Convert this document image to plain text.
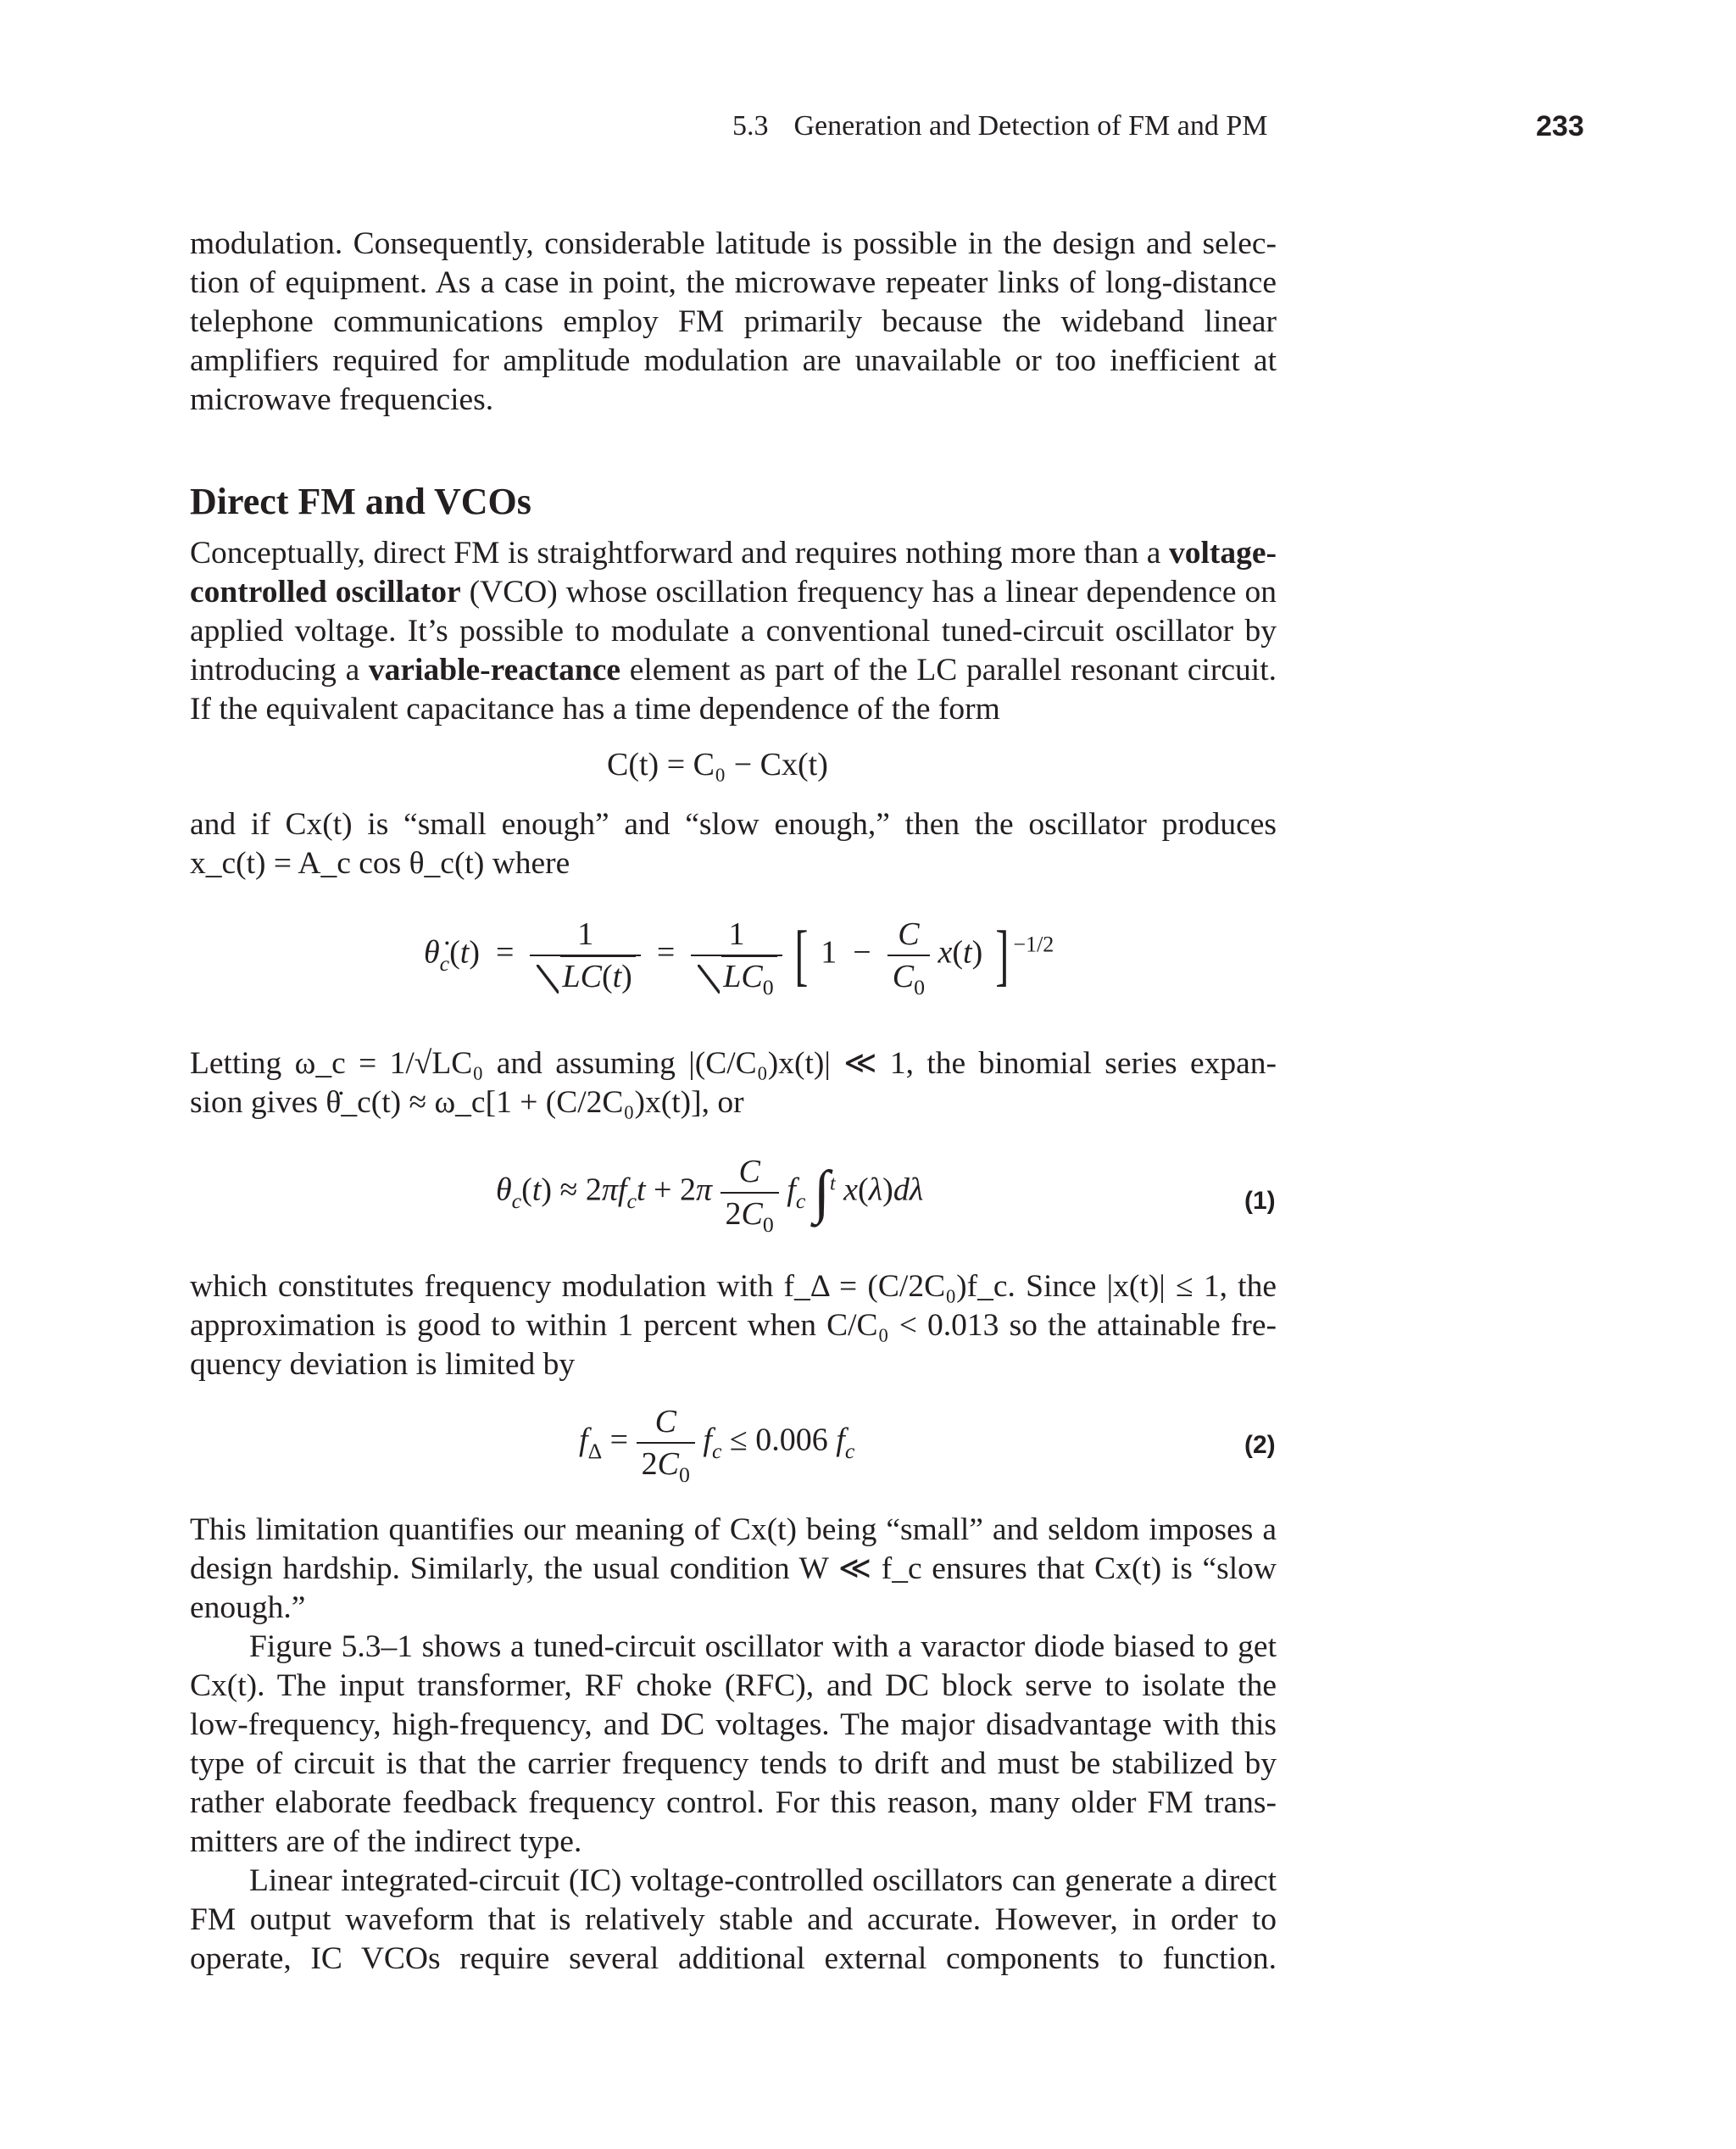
5.3 Generation and Detection of FM and PM	233

modulation. Consequently, considerable latitude is possible in the design and selec-

tion of equipment. As a case in point, the microwave repeater links of long-distance

telephone communications employ FM primarily because the wideband linear

amplifiers required for amplitude modulation are unavailable or too inefficient at

microwave frequencies.

Direct FM and VCOs

Conceptually, direct FM is straightforward and requires nothing more than a voltage-

controlled oscillator (VCO) whose oscillation frequency has a linear dependence on

applied voltage. It’s possible to modulate a conventional tuned-circuit oscillator by

introducing a variable-reactance element as part of the LC parallel resonant circuit.

If the equivalent capacitance has a time dependence of the form

C(t) = C₀ − Cx(t)

and if Cx(t) is “small enough” and “slow enough,” then the oscillator produces

x_c(t) = A_c cos θ_c(t) where

$\thetȧ_c(t) = \frac{1}{LC(t)} = \frac{1}{LC_0}$ [ $1 - \frac{C}{C_0} x(t)$ ] $^{-1/2}$

Letting ω_c = 1/√LC₀ and assuming |(C/C₀)x(t)| ≪ 1, the binomial series expan-

sion gives θ̇_c(t) ≈ ω_c[1 + (C/2C₀)x(t)], or

$\theta_c(t) \approx 2\pi f_ct + 2\pi \frac{C}{2C_0} f_c$ ∫$^t$ x(λ)dλ	(1)

which constitutes frequency modulation with f_Δ = (C/2C₀)f_c. Since |x(t)| ≤ 1, the

approximation is good to within 1 percent when C/C₀ < 0.013 so the attainable fre-

quency deviation is limited by

$f_\Delta = \frac{C}{2C_0} f_c \le 0.006$ $f_c$	(2)

This limitation quantifies our meaning of Cx(t) being “small” and seldom imposes a

design hardship. Similarly, the usual condition W ≪ f_c ensures that Cx(t) is “slow

enough.”

Figure 5.3–1 shows a tuned-circuit oscillator with a varactor diode biased to get

Cx(t). The input transformer, RF choke (RFC), and DC block serve to isolate the

low-frequency, high-frequency, and DC voltages. The major disadvantage with this

type of circuit is that the carrier frequency tends to drift and must be stabilized by

rather elaborate feedback frequency control. For this reason, many older FM trans-

mitters are of the indirect type.

Linear integrated-circuit (IC) voltage-controlled oscillators can generate a direct

FM output waveform that is relatively stable and accurate. However, in order to

operate, IC VCOs require several additional external components to function.
